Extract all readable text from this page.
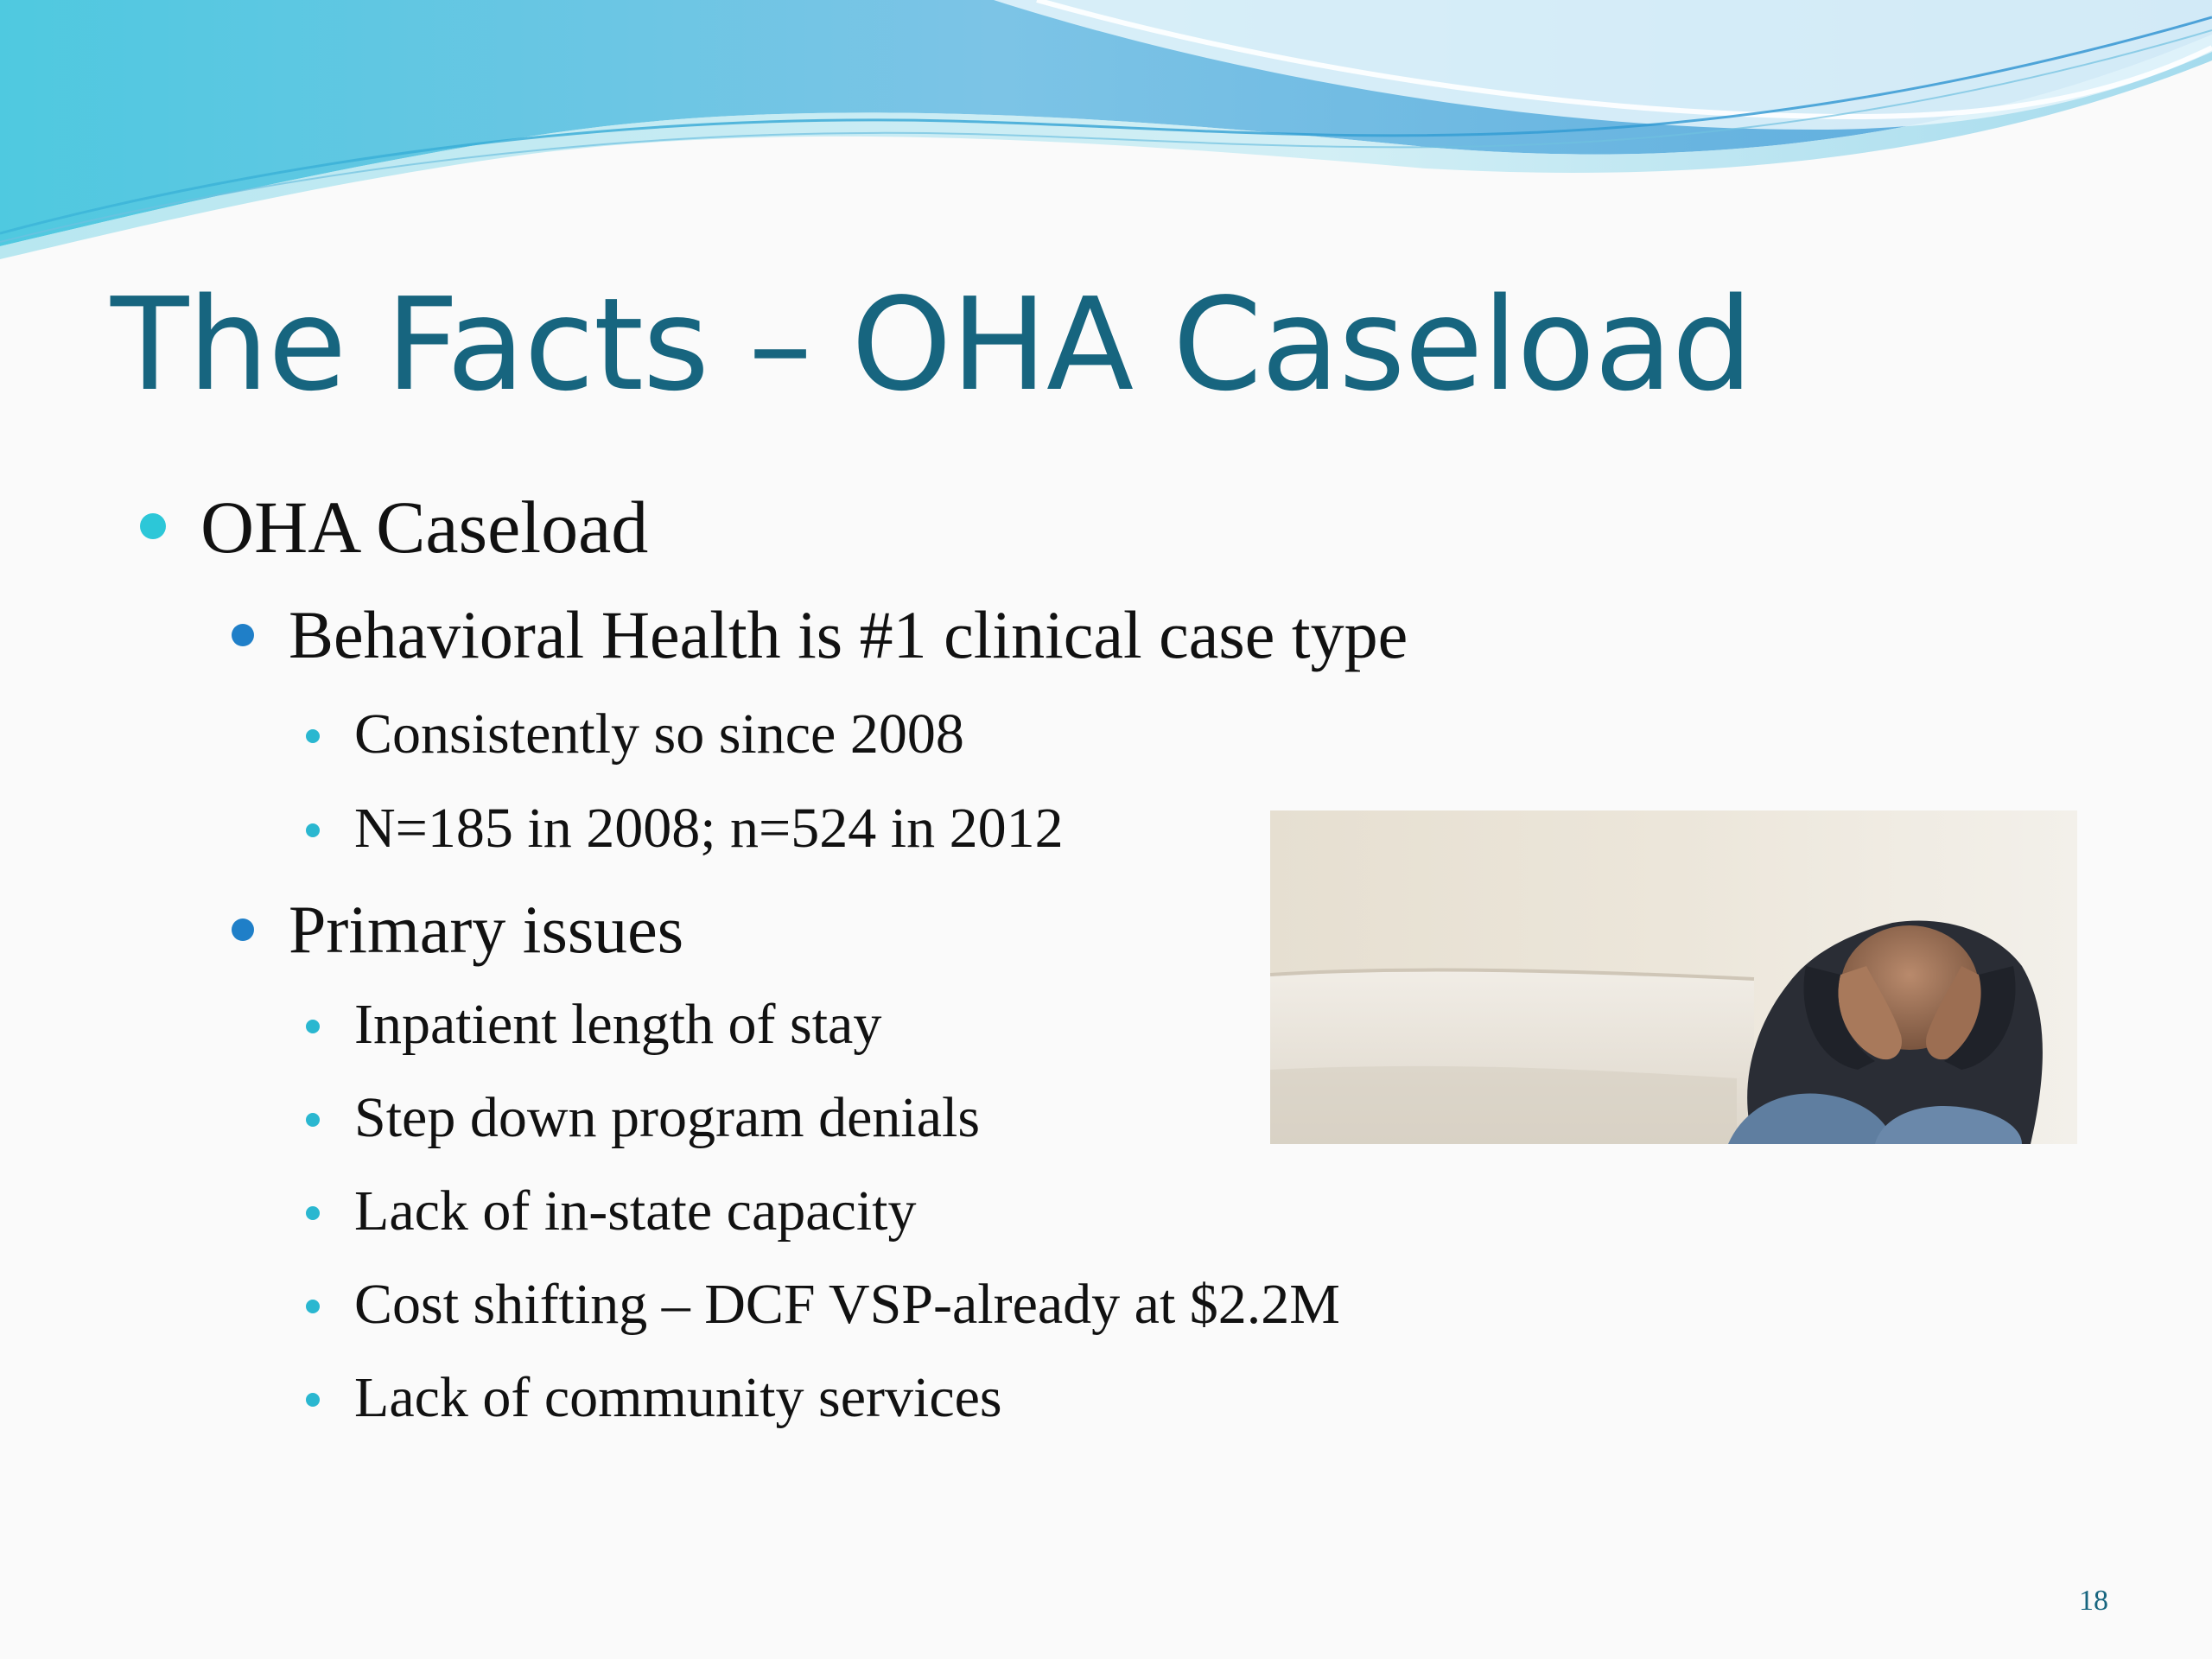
The Facts – OHA Caseload
OHA Caseload
Behavioral Health is #1 clinical case type
Consistently so since 2008
N=185 in 2008; n=524 in 2012
Primary issues
Inpatient length of stay
Step down program denials
Lack of in-state capacity
Cost shifting – DCF VSP-already at $2.2M
Lack of community services
18
